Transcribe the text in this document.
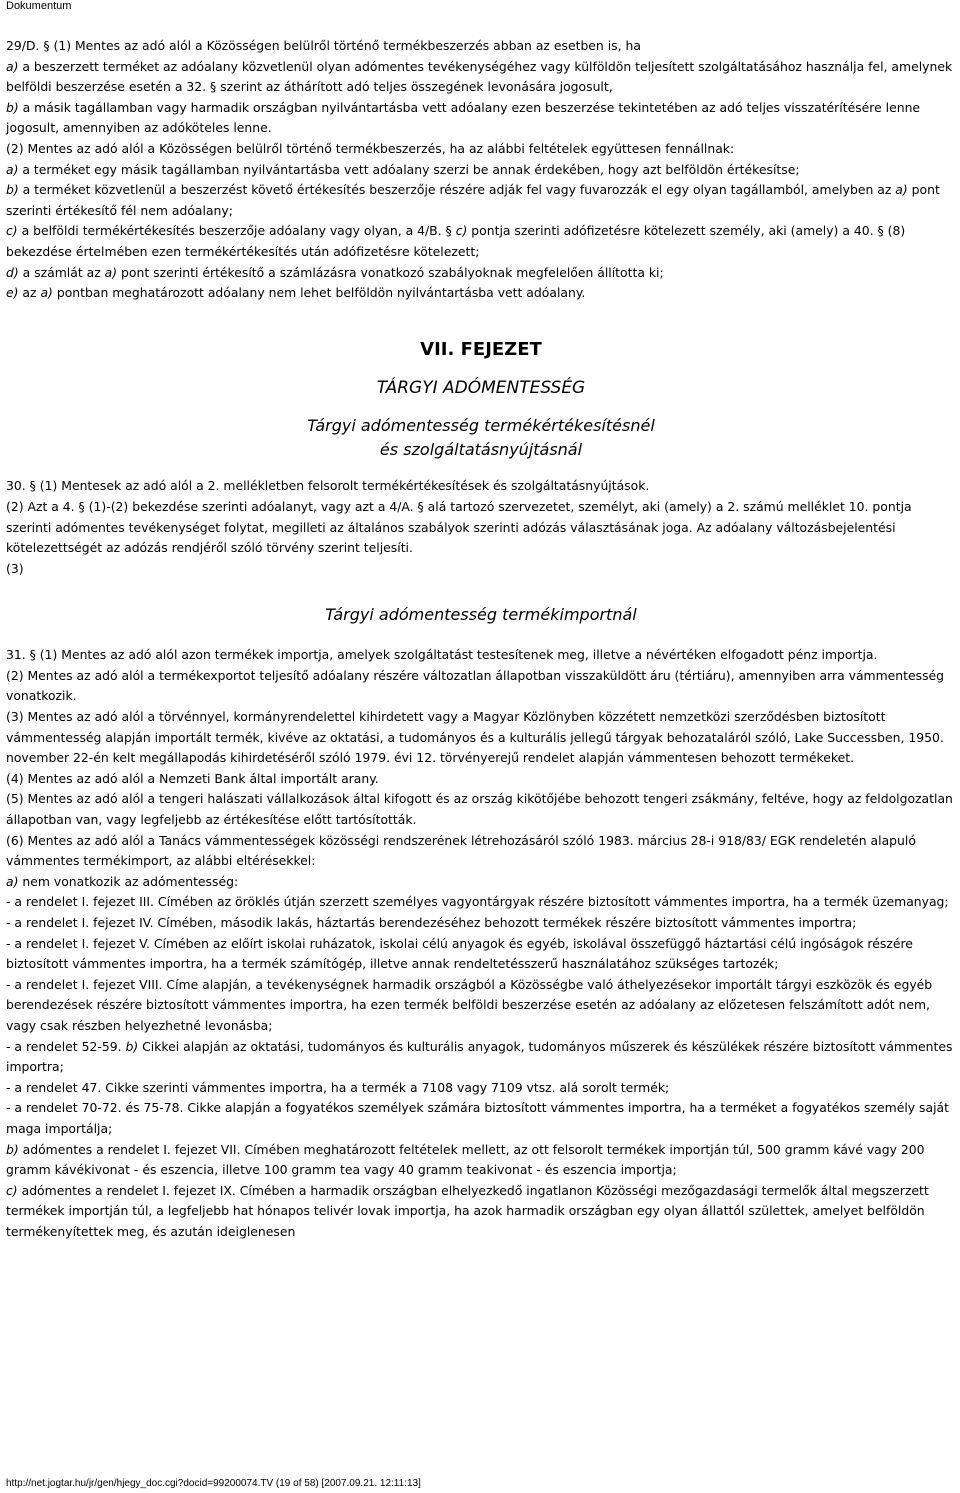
Dokumentum

29/D. § (1) Mentes az adó alól a Közösségen belülről történő termékbeszerzés abban az esetben is, ha

a) a beszerzett terméket az adóalany közvetlenül olyan adómentes tevékenységéhez vagy külföldön teljesített szolgáltatásához használja fel, amelynek belföldi beszerzése esetén a 32. § szerint az áthárított adó teljes összegének levonására jogosult,

b) a másik tagállamban vagy harmadik országban nyilvántartásba vett adóalany ezen beszerzése tekintetében az adó teljes visszatérítésére lenne jogosult, amennyiben az adóköteles lenne.

(2) Mentes az adó alól a Közösségen belülről történő termékbeszerzés, ha az alábbi feltételek együttesen fennállnak:

a) a terméket egy másik tagállamban nyilvántartásba vett adóalany szerzi be annak érdekében, hogy azt belföldön értékesítse;

b) a terméket közvetlenül a beszerzést követő értékesítés beszerzője részére adják fel vagy fuvarozzák el egy olyan tagállamból, amelyben az a) pont szerinti értékesítő fél nem adóalany;

c) a belföldi termékértékesítés beszerzője adóalany vagy olyan, a 4/B. § c) pontja szerinti adófizetésre kötelezett személy, aki (amely) a 40. § (8) bekezdése értelmében ezen termékértékesítés után adófizetésre kötelezett;

d) a számlát az a) pont szerinti értékesítő a számlázásra vonatkozó szabályoknak megfelelően állította ki;

e) az a) pontban meghatározott adóalany nem lehet belföldön nyilvántartásba vett adóalany.

VII. FEJEZET
TÁRGYI ADÓMENTESSÉG
Tárgyi adómentesség termékértékesítésnél
és szolgáltatásnyújtásnál

30. § (1) Mentesek az adó alól a 2. mellékletben felsorolt termékértékesítések és szolgáltatásnyújtások.

(2) Azt a 4. § (1)-(2) bekezdése szerinti adóalanyt, vagy azt a 4/A. § alá tartozó szervezetet, személyt, aki (amely) a 2. számú melléklet 10. pontja szerinti adómentes tevékenységet folytat, megilleti az általános szabályok szerinti adózás választásának joga. Az adóalany változásbejelentési kötelezettségét az adózás rendjéről szóló törvény szerint teljesíti.

(3)

Tárgyi adómentesség termékimportnál

31. § (1) Mentes az adó alól azon termékek importja, amelyek szolgáltatást testesítenek meg, illetve a névértéken elfogadott pénz importja.

(2) Mentes az adó alól a termékexportot teljesítő adóalany részére változatlan állapotban visszaküldött áru (tértiáru), amennyiben arra vámmentesség vonatkozik.

(3) Mentes az adó alól a törvénnyel, kormányrendelettel kihirdetett vagy a Magyar Közlönyben közzétett nemzetközi szerződésben biztosított vámmentesség alapján importált termék, kivéve az oktatási, a tudományos és a kulturális jellegű tárgyak behozataláról szóló, Lake Successben, 1950. november 22-én kelt megállapodás kihirdetéséről szóló 1979. évi 12. törvényerejű rendelet alapján vámmentesen behozott termékeket.

(4) Mentes az adó alól a Nemzeti Bank által importált arany.

(5) Mentes az adó alól a tengeri halászati vállalkozások által kifogott és az ország kikötőjébe behozott tengeri zsákmány, feltéve, hogy az feldolgozatlan állapotban van, vagy legfeljebb az értékesítése előtt tartósították.

(6) Mentes az adó alól a Tanács vámmentességek közösségi rendszerének létrehozásáról szóló 1983. március 28-i 918/83/ EGK rendeletén alapuló vámmentes termékimport, az alábbi eltérésekkel:

a) nem vonatkozik az adómentesség:

- a rendelet I. fejezet III. Címében az öröklés útján szerzett személyes vagyontárgyak részére biztosított vámmentes importra, ha a termék üzemanyag;

- a rendelet I. fejezet IV. Címében, második lakás, háztartás berendezéséhez behozott termékek részére biztosított vámmentes importra;

- a rendelet I. fejezet V. Címében az előírt iskolai ruházatok, iskolai célú anyagok és egyéb, iskolával összefüggő háztartási célú ingóságok részére biztosított vámmentes importra, ha a termék számítógép, illetve annak rendeltetésszerű használatához szükséges tartozék;

- a rendelet I. fejezet VIII. Címe alapján, a tevékenységnek harmadik országból a Közösségbe való áthelyezésekor importált tárgyi eszközök és egyéb berendezések részére biztosított vámmentes importra, ha ezen termék belföldi beszerzése esetén az adóalany az előzetesen felszámított adót nem, vagy csak részben helyezhetné levonásba;

- a rendelet 52-59. b) Cikkei alapján az oktatási, tudományos és kulturális anyagok, tudományos műszerek és készülékek részére biztosított vámmentes importra;

- a rendelet 47. Cikke szerinti vámmentes importra, ha a termék a 7108 vagy 7109 vtsz. alá sorolt termék;

- a rendelet 70-72. és 75-78. Cikke alapján a fogyatékos személyek számára biztosított vámmentes importra, ha a terméket a fogyatékos személy saját maga importálja;

b) adómentes a rendelet I. fejezet VII. Címében meghatározott feltételek mellett, az ott felsorolt termékek importján túl, 500 gramm kávé vagy 200 gramm kávékivonat - és eszencia, illetve 100 gramm tea vagy 40 gramm teakivonat - és eszencia importja;

c) adómentes a rendelet I. fejezet IX. Címében a harmadik országban elhelyezkedő ingatlanon Közösségi mezőgazdasági termelők által megszerzett termékek importján túl, a legfeljebb hat hónapos telivér lovak importja, ha azok harmadik országban egy olyan állattól születtek, amelyet belföldön termékenyítettek meg, és azután ideiglenesen

http://net.jogtar.hu/jr/gen/hjegy_doc.cgi?docid=99200074.TV (19 of 58) [2007.09.21. 12:11:13]
